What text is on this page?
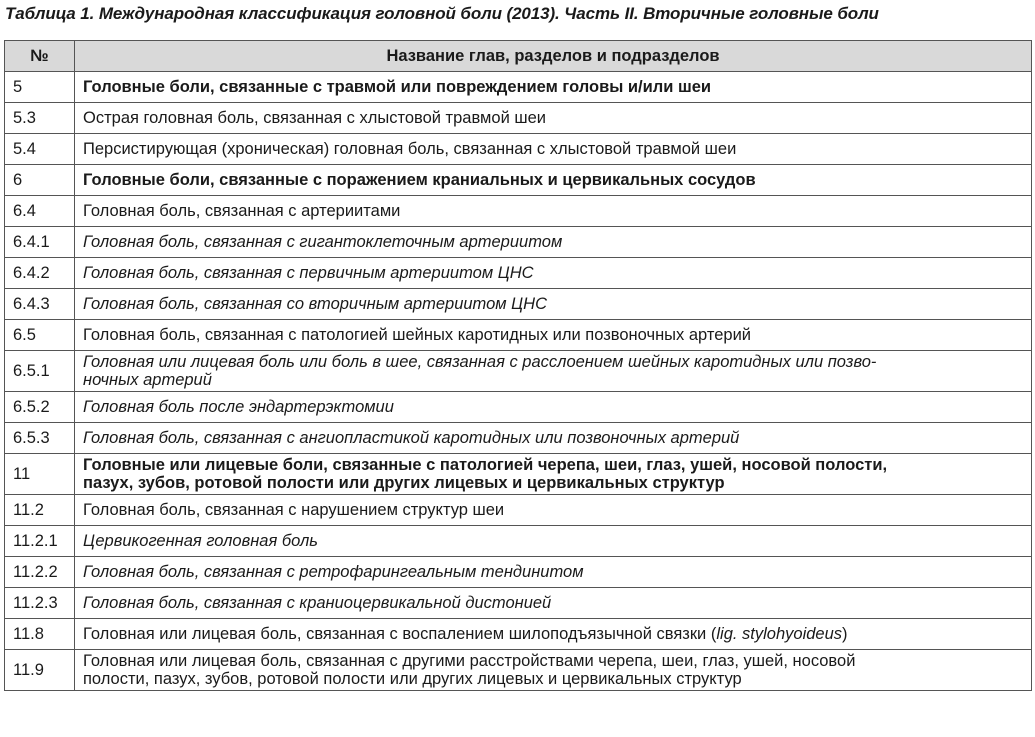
Таблица 1. Международная классификация головной боли (2013). Часть II. Вторичные головные боли
№	Название глав, разделов и подразделов
5	Головные боли, связанные с травмой или повреждением головы и/или шеи
5.3	Острая головная боль, связанная с хлыстовой травмой шеи
5.4	Персистирующая (хроническая) головная боль, связанная с хлыстовой травмой шеи
6	Головные боли, связанные с поражением краниальных и цервикальных сосудов
6.4	Головная боль, связанная с артериитами
6.4.1	Головная боль, связанная с гигантоклеточным артериитом
6.4.2	Головная боль, связанная с первичным артериитом ЦНС
6.4.3	Головная боль, связанная со вторичным артериитом ЦНС
6.5	Головная боль, связанная с патологией шейных каротидных или позвоночных артерий
6.5.1	Головная или лицевая боль или боль в шее, связанная с расслоением шейных каротидных или позво-
ночных артерий
6.5.2	Головная боль после эндартерэктомии
6.5.3	Головная боль, связанная с ангиопластикой каротидных или позвоночных артерий
11	Головные или лицевые боли, связанные с патологией черепа, шеи, глаз, ушей, носовой полости,
пазух, зубов, ротовой полости или других лицевых и цервикальных структур
11.2	Головная боль, связанная с нарушением структур шеи
11.2.1	Цервикогенная головная боль
11.2.2	Головная боль, связанная с ретрофарингеальным тендинитом
11.2.3	Головная боль, связанная с краниоцервикальной дистонией
11.8	Головная или лицевая боль, связанная с воспалением шилоподъязычной связки (lig. stylohyoideus)
11.9	Головная или лицевая боль, связанная с другими расстройствами черепа, шеи, глаз, ушей, носовой
полости, пазух, зубов, ротовой полости или других лицевых и цервикальных структур
